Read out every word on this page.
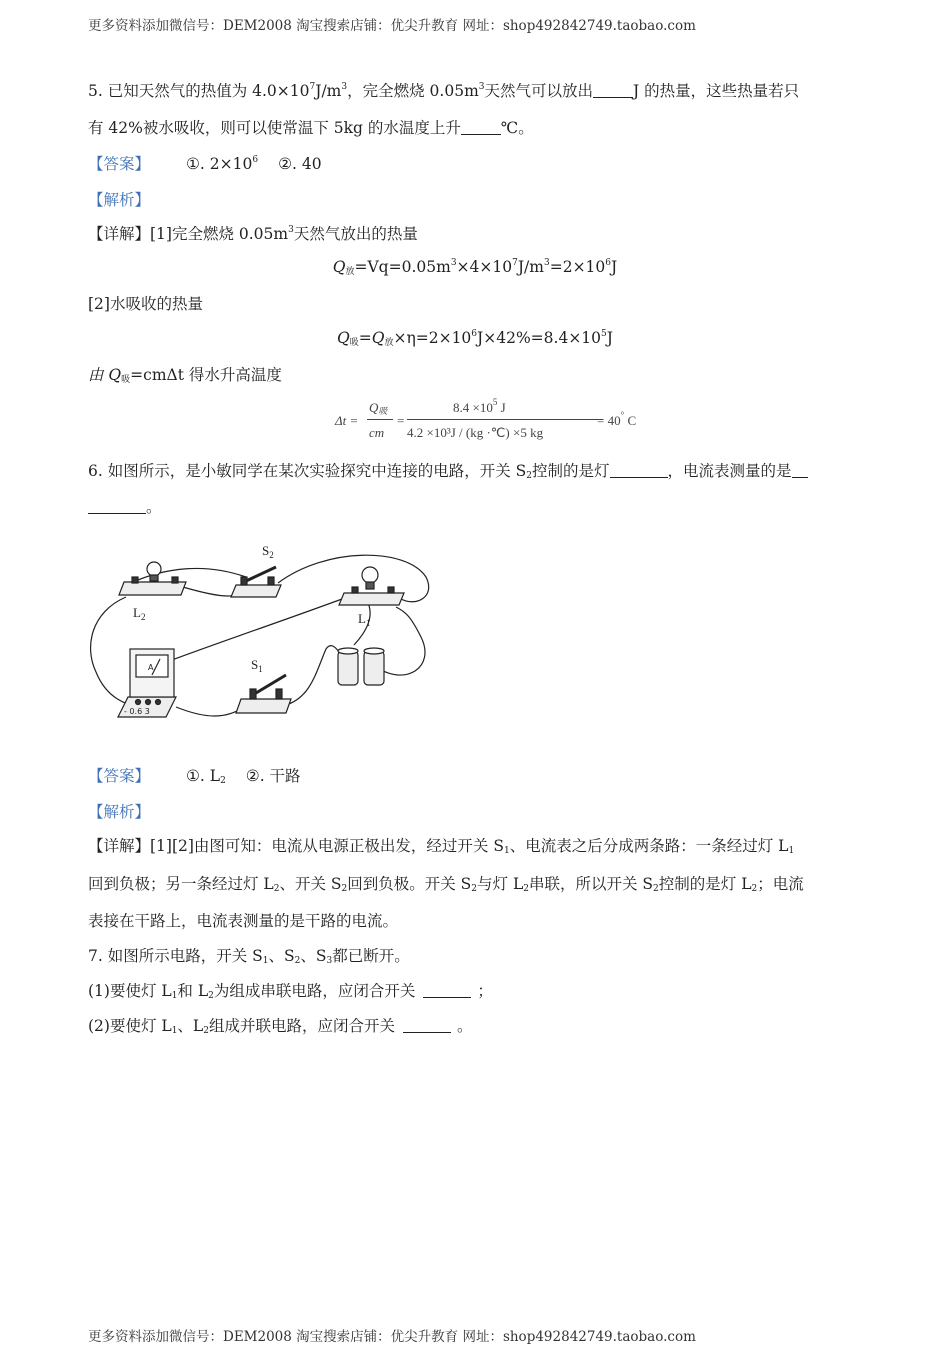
更多资料添加微信号：DEM2008 淘宝搜索店铺：优尖升教育 网址：shop492842749.taobao.com
5. 已知天然气的热值为 $4.0\times 10^7J/m^3$，完全燃烧 $0.05m^3$天然气可以放出	J 的热量，这些热量若只
有 42%被水吸收，则可以使常温下 5kg 的水温度上升	℃。
【答案】 ①. $2\times 10^6$ ②. 40
【解析】
【详解】[1]完全燃烧 $0.05m^3$天然气放出的热量
$Q_放=Vq=0.05m^3\times 4\times 10^7J/m^3=2\times 10^6J$
[2]水吸收的热量
$Q_吸=Q_放\times\eta=2\times 10^6J\times 42\%=8.4\times 10^5J$
由 $Q_吸=cm\Delta t$ 得水升高温度
Δt =
$Q_吸$
cm
=
$8.4 \times 10^5$ J
4.2 ×10³J / (kg ·℃) ×5 kg
= 40° C
6. 如图所示，是小敏同学在某次实验探究中连接的电路，开关 $S_2$控制的是灯	，电流表测量的是
。
$L_2$
$S_2$
$L_1$
A
- 0.6 3
$S_1$
【答案】 ①. $L_2$ ②. 干路
【解析】
【详解】[1][2]由图可知：电流从电源正极出发，经过开关 $S_1$、电流表之后分成两条路：一条经过灯 $L_1$
回到负极；另一条经过灯 $L_2$、开关 $S_2$回到负极。开关 $S_2$与灯 $L_2$串联，所以开关 $S_2$控制的是灯 $L_2$；电流
表接在干路上，电流表测量的是干路的电流。
7. 如图所示电路，开关 $S_1$、$S_2$、$S_3$都已断开。
(1)要使灯 $L_1$和 $L_2$为组成串联电路，应闭合开关	；
(2)要使灯 $L_1$、$L_2$组成并联电路，应闭合开关	。
更多资料添加微信号：DEM2008 淘宝搜索店铺：优尖升教育 网址：shop492842749.taobao.com
